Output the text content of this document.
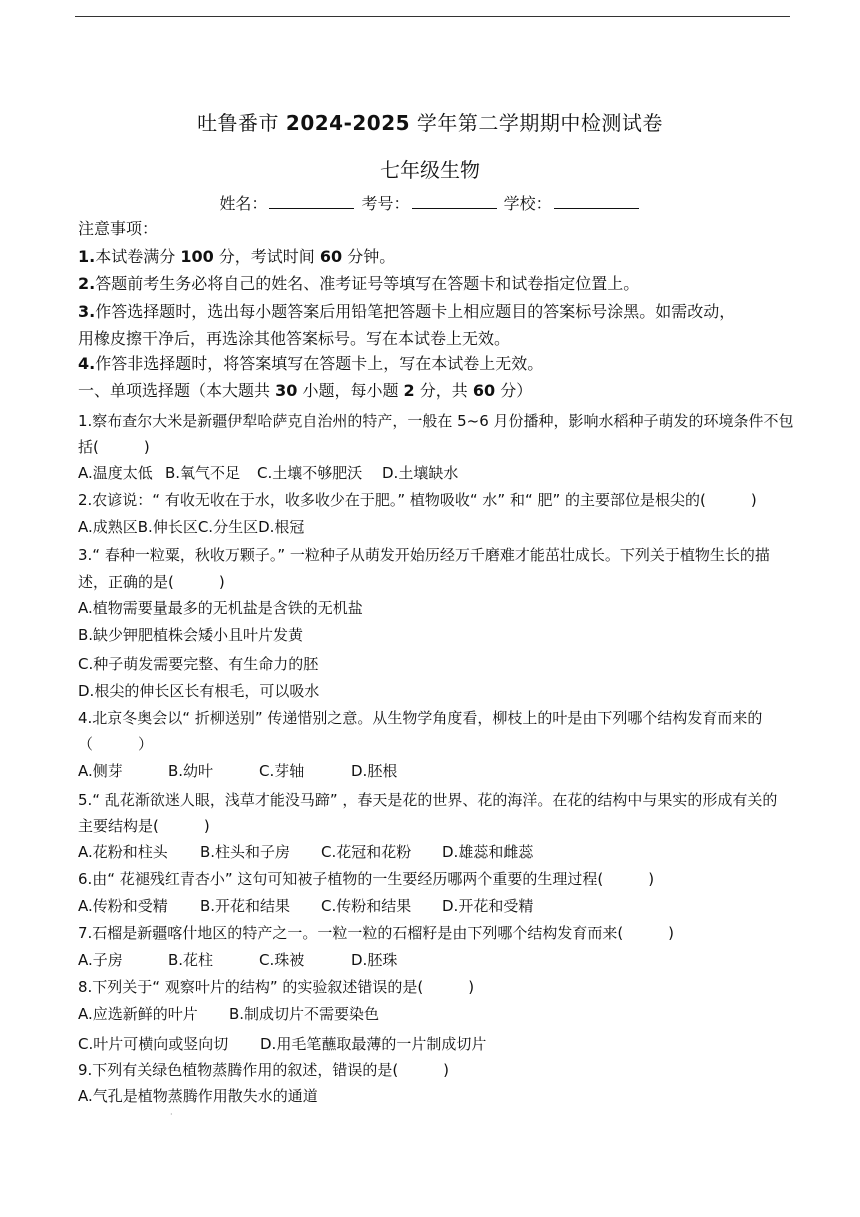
吐鲁番市 2024-2025 学年第二学期期中检测试卷
七年级生物
姓名：	考号：	学校：
注意事项：
1.本试卷满分 100 分，考试时间 60 分钟。
2.答题前考生务必将自己的姓名、准考证号等填写在答题卡和试卷指定位置上。
3.作答选择题时，选出每小题答案后用铅笔把答题卡上相应题目的答案标号涂黑。如需改动，
用橡皮擦干净后，再选涂其他答案标号。写在本试卷上无效。
4.作答非选择题时，将答案填写在答题卡上，写在本试卷上无效。
一、单项选择题（本大题共 30 小题，每小题 2 分，共 60 分）
1.察布查尔大米是新疆伊犁哈萨克自治州的特产，一般在 5~6 月份播种，影响水稻种子萌发的环境条件不包
括(　　　)
A.温度太低 B.氧气不足 C.土壤不够肥沃 D.土壤缺水
2.农谚说：“ 有收无收在于水，收多收少在于肥。” 植物吸收“ 水” 和“ 肥” 的主要部位是根尖的(　　　)
A.成熟区B.伸长区C.分生区D.根冠
3.“ 春种一粒粟，秋收万颗子。” 一粒种子从萌发开始历经万千磨难才能茁壮成长。下列关于植物生长的描
述，正确的是(　　　)
A.植物需要量最多的无机盐是含铁的无机盐
B.缺少钾肥植株会矮小且叶片发黄
C.种子萌发需要完整、有生命力的胚
D.根尖的伸长区长有根毛，可以吸水
4.北京冬奥会以“ 折柳送别” 传递惜别之意。从生物学角度看，柳枝上的叶是由下列哪个结构发育而来的
（　　　）
A.侧芽	B.幼叶	C.芽轴	D.胚根
5.“ 乱花渐欲迷人眼，浅草才能没马蹄” ，春天是花的世界、花的海洋。在花的结构中与果实的形成有关的
主要结构是(　　　)
A.花粉和柱头 B.柱头和子房 C.花冠和花粉 D.雄蕊和雌蕊
6.由“ 花褪残红青杏小” 这句可知被子植物的一生要经历哪两个重要的生理过程(　　　)
A.传粉和受精 B.开花和结果 C.传粉和结果 D.开花和受精
7.石榴是新疆喀什地区的特产之一。一粒一粒的石榴籽是由下列哪个结构发育而来(　　　)
A.子房	B.花柱	C.珠被	D.胚珠
8.下列关于“ 观察叶片的结构” 的实验叙述错误的是(　　　)
A.应选新鲜的叶片 B.制成切片不需要染色
C.叶片可横向或竖向切 D.用毛笔蘸取最薄的一片制成切片
9.下列有关绿色植物蒸腾作用的叙述，错误的是(　　　)
A.气孔是植物蒸腾作用散失水的通道
·
